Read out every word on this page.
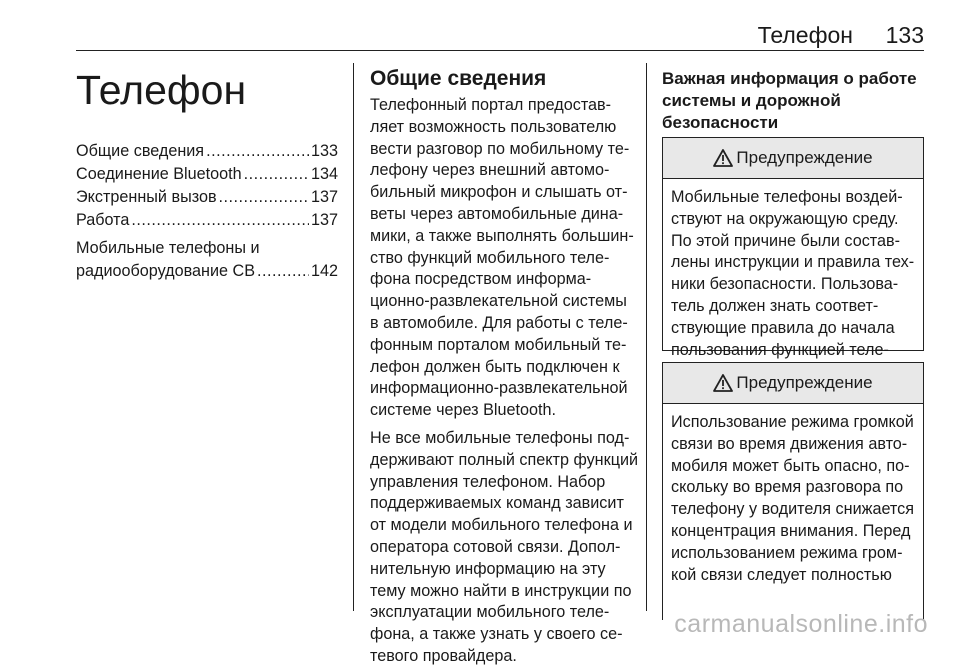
Телефон 133
Телефон
Общие сведения .....	133
Соединение Bluetooth .....	134
Экстренный вызов .....	137
Работа .....	137
Мобильные телефоны и
радиооборудование CB .....	142
Общие сведения

Телефонный портал предостав-

ляет возможность пользователю

вести разговор по мобильному те-

лефону через внешний автомо-

бильный микрофон и слышать от-

веты через автомобильные дина-

мики, а также выполнять большин-

ство функций мобильного теле-

фона посредством информа-

ционно-развлекательной системы

в автомобиле. Для работы с теле-

фонным порталом мобильный те-

лефон должен быть подключен к

информационно-развлекательной

системе через Bluetooth.

Не все мобильные телефоны под-

держивают полный спектр функций

управления телефоном. Набор

поддерживаемых команд зависит

от модели мобильного телефона и

оператора сотовой связи. Допол-

нительную информацию на эту

тему можно найти в инструкции по

эксплуатации мобильного теле-

фона, а также узнать у своего се-

тевого провайдера.

Важная информация о работе

системы и дорожной

безопасности

Предупреждение

Мобильные телефоны воздей-

ствуют на окружающую среду.

По этой причине были состав-

лены инструкции и правила тех-

ники безопасности. Пользова-

тель должен знать соответ-

ствующие правила до начала

пользования функцией теле-

Предупреждение

Использование режима громкой

связи во время движения авто-

мобиля может быть опасно, по-

скольку во время разговора по

телефону у водителя снижается

концентрация внимания. Перед

использованием режима гром-

кой связи следует полностью

carmanualsonline.info
